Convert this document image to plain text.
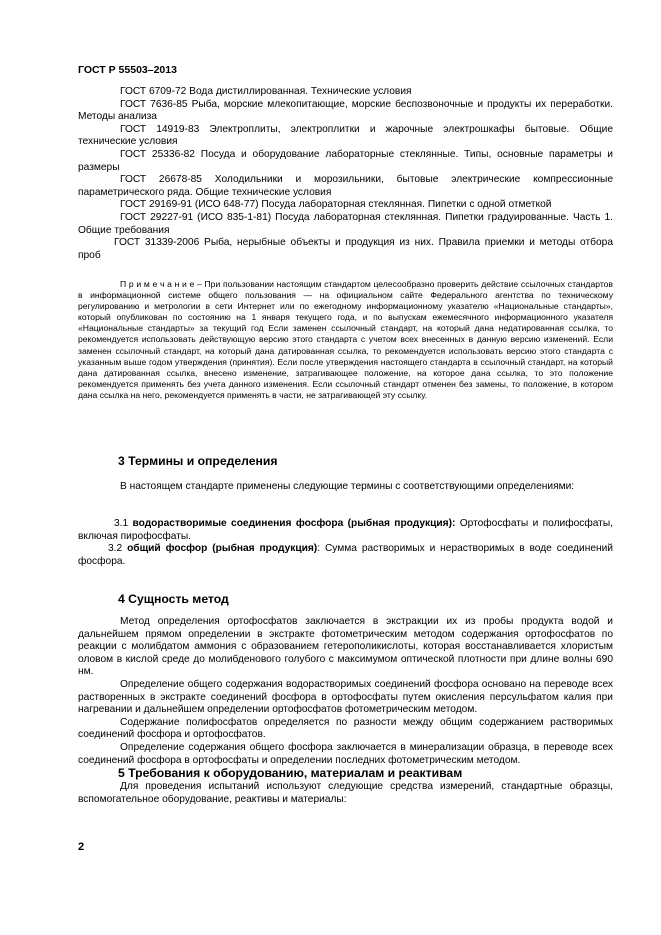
ГОСТ Р 55503–2013

ГОСТ 6709-72 Вода дистиллированная. Технические условия

ГОСТ 7636-85 Рыба, морские млекопитающие, морские беспозвоночные и продукты их переработки. Методы анализа

ГОСТ 14919-83 Электроплиты, электроплитки и жарочные электрошкафы бытовые. Общие технические условия

ГОСТ 25336-82 Посуда и оборудование лабораторные стеклянные. Типы, основные параметры и размеры

ГОСТ 26678-85 Холодильники и морозильники, бытовые электрические компрессионные параметрического ряда. Общие технические условия

ГОСТ 29169-91 (ИСО 648-77) Посуда лабораторная стеклянная. Пипетки с одной отметкой

ГОСТ 29227-91 (ИСО 835-1-81) Посуда лабораторная стеклянная. Пипетки градуированные. Часть 1. Общие требования

ГОСТ 31339-2006 Рыба, нерыбные объекты и продукция из них. Правила приемки и методы отбора проб

П р и м е ч а н и е – При пользовании настоящим стандартом целесообразно проверить действие ссылочных стандартов в информационной системе общего пользования — на официальном сайте Федерального агентства по техническому регулированию и метрологии в сети Интернет или по ежегодному информационному указателю «Национальные стандарты», который опубликован по состоянию на 1 января текущего года, и по выпускам ежемесячного информационного указателя «Национальные стандарты» за текущий год Если заменен ссылочный стандарт, на который дана недатированная ссылка, то рекомендуется использовать действующую версию этого стандарта с учетом всех внесенных в данную версию изменений. Если заменен ссылочный стандарт, на который дана датированная ссылка, то рекомендуется использовать версию этого стандарта с указанным выше годом утверждения (принятия). Если после утверждения настоящего стандарта в ссылочный стандарт, на который дана датированная ссылка, внесено изменение, затрагивающее положение, на которое дана ссылка, то это положение рекомендуется применять без учета данного изменения. Если ссылочный стандарт отменен без замены, то положение, в котором дана ссылка на него, рекомендуется применять в части, не затрагивающей эту ссылку.
3 Термины и определения

В настоящем стандарте применены следующие термины с соответствующими определениями:

3.1 водорастворимые соединения фосфора (рыбная продукция): Ортофосфаты и полифосфаты, включая пирофосфаты.

3.2 общий фосфор (рыбная продукция): Сумма растворимых и нерастворимых в воде соединений фосфора.

4 Сущность метод

Метод определения ортофосфатов заключается в экстракции их из пробы продукта водой и дальнейшем прямом определении в экстракте фотометрическим методом содержания ортофосфатов по реакции с молибдатом аммония с образованием гетерополикислоты, которая восстанавливается хлористым оловом в кислой среде до молибденового голубого с максимумом оптической плотности при длине волны 690 нм.

Определение общего содержания водорастворимых соединений фосфора основано на переводе всех растворенных в экстракте соединений фосфора в ортофосфаты путем окисления персульфатом калия при нагревании и дальнейшем определении ортофосфатов фотометрическим методом.

Содержание полифосфатов определяется по разности между общим содержанием растворимых соединений фосфора и ортофосфатов.

Определение содержания общего фосфора заключается в минерализации образца, в переводе всех соединений фосфора в ортофосфаты и определении последних фотометрическим методом.

5 Требования к оборудованию, материалам и реактивам

Для проведения испытаний используют следующие средства измерений, стандартные образцы, вспомогательное оборудование, реактивы и материалы:

2
